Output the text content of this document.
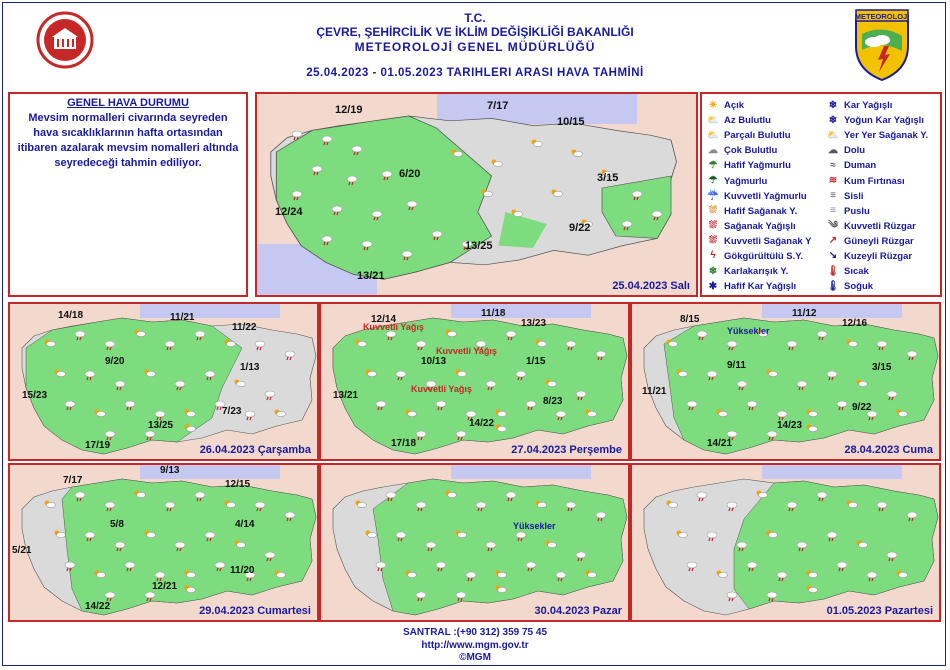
METEOROLOJİ
T.C.
ÇEVRE, ŞEHİRCİLİK VE İKLİM DEĞİŞİKLİĞİ BAKANLIĞI
METEOROLOJİ GENEL MÜDÜRLÜĞÜ
25.04.2023 - 01.05.2023 TARIHLERI ARASI HAVA TAHMİNİ
GENEL HAVA DURUMU
Mevsim normalleri civarında seyreden hava sıcaklıklarının hafta ortasından itibaren azalarak mevsim nomalleri altında seyredeceği tahmin ediliyor.
12/19	7/17
10/15
6/20	3/15
12/24
9/22
13/25
13/21
25.04.2023 Salı
☀ Açık
⛅ Az Bulutlu
⛅ Parçalı Bulutlu
☁ Çok Bulutlu
☂ Hafif Yağmurlu
☂ Yağmurlu
☔ Kuvvetli Yağmurlu
⛆ Hafif Sağanak Y.
⛆ Sağanak Yağışlı
⛆ Kuvvetli Sağanak Y
ϟ Gökgürültülü S.Y.
❄ Karlakarışık Y.
✱ Hafif Kar Yağışlı
❄ Kar Yağışlı
❄ Yoğun Kar Yağışlı
⛅ Yer Yer Sağanak Y.
☁ Dolu
≈ Duman
≋ Kum Fırtınası
≡ Sisli
≡ Puslu
༄ Kuvvetli Rüzgar
↗ Güneyli Rüzgar
↘ Kuzeyli Rüzgar
🌡 Sıcak
🌡 Soğuk
14/18	11/21
11/22
9/20
1/13
15/23
7/23
13/25
17/19	26.04.2023 Çarşamba
12/14
11/18
13/23
10/13	1/15
13/21
8/23
14/22
17/18
Kuvvetli Yağış
Kuvvetli Yağış
Kuvvetli Yağış
27.04.2023 Perşembe
8/15
11/12
12/16
9/11	3/15
11/21
9/22
14/23
14/21
Yüksekler
28.04.2023 Cuma
7/17
9/13
12/15
5/8	4/14
5/21
11/20
12/21
14/22	29.04.2023 Cumartesi
Yüksekler
30.04.2023 Pazar	01.05.2023 Pazartesi
SANTRAL :(+90 312) 359 75 45
http://www.mgm.gov.tr
©MGM
